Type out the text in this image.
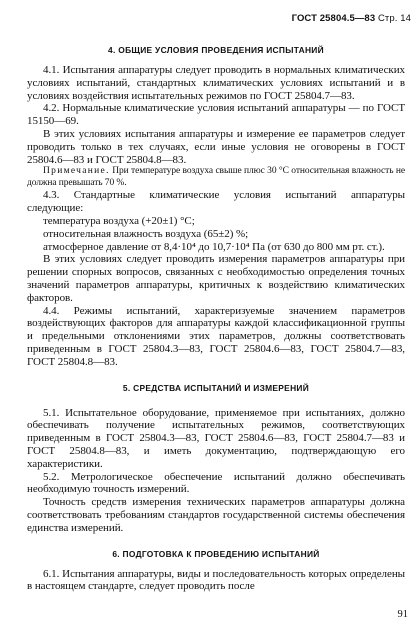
ГОСТ 25804.5—83 Стр. 14
4. ОБЩИЕ УСЛОВИЯ ПРОВЕДЕНИЯ ИСПЫТАНИЙ

4.1. Испытания аппаратуры следует проводить в нормальных климатических условиях испытаний, стандартных климатических условиях испытаний и в условиях воздействия испытательных режимов по ГОСТ 25804.7—83.

4.2. Нормальные климатические условия испытаний аппаратуры — по ГОСТ 15150—69.

В этих условиях испытания аппаратуры и измерение ее параметров следует проводить только в тех случаях, если иные условия не оговорены в ГОСТ 25804.6—83 и ГОСТ 25804.8—83.

Примечание. При температуре воздуха свыше плюс 30 °С относительная влажность не должна превышать 70 %.

4.3. Стандартные климатические условия испытаний аппаратуры следующие:

температура воздуха (+20±1) °С;

относительная влажность воздуха (65±2) %;

атмосферное давление от 8,4·10⁴ до 10,7·10⁴ Па (от 630 до 800 мм рт. ст.).

В этих условиях следует проводить измерения параметров аппаратуры при решении спорных вопросов, связанных с необходимостью определения точных значений параметров аппаратуры, критичных к воздействию климатических факторов.

4.4. Режимы испытаний, характеризуемые значением параметров воздействующих факторов для аппаратуры каждой классификационной группы и предельными отклонениями этих параметров, должны соответствовать приведенным в ГОСТ 25804.3—83, ГОСТ 25804.6—83, ГОСТ 25804.7—83, ГОСТ 25804.8—83.

5. СРЕДСТВА ИСПЫТАНИЙ И ИЗМЕРЕНИЙ

5.1. Испытательное оборудование, применяемое при испытаниях, должно обеспечивать получение испытательных режимов, соответствующих приведенным в ГОСТ 25804.3—83, ГОСТ 25804.6—83, ГОСТ 25804.7—83 и ГОСТ 25804.8—83, и иметь документацию, подтверждающую его характеристики.

5.2. Метрологическое обеспечение испытаний должно обеспечивать необходимую точность измерений.

Точность средств измерения технических параметров аппаратуры должна соответствовать требованиям стандартов государственной системы обеспечения единства измерений.

6. ПОДГОТОВКА К ПРОВЕДЕНИЮ ИСПЫТАНИЙ

6.1. Испытания аппаратуры, виды и последовательность которых определены в настоящем стандарте, следует проводить после

91
